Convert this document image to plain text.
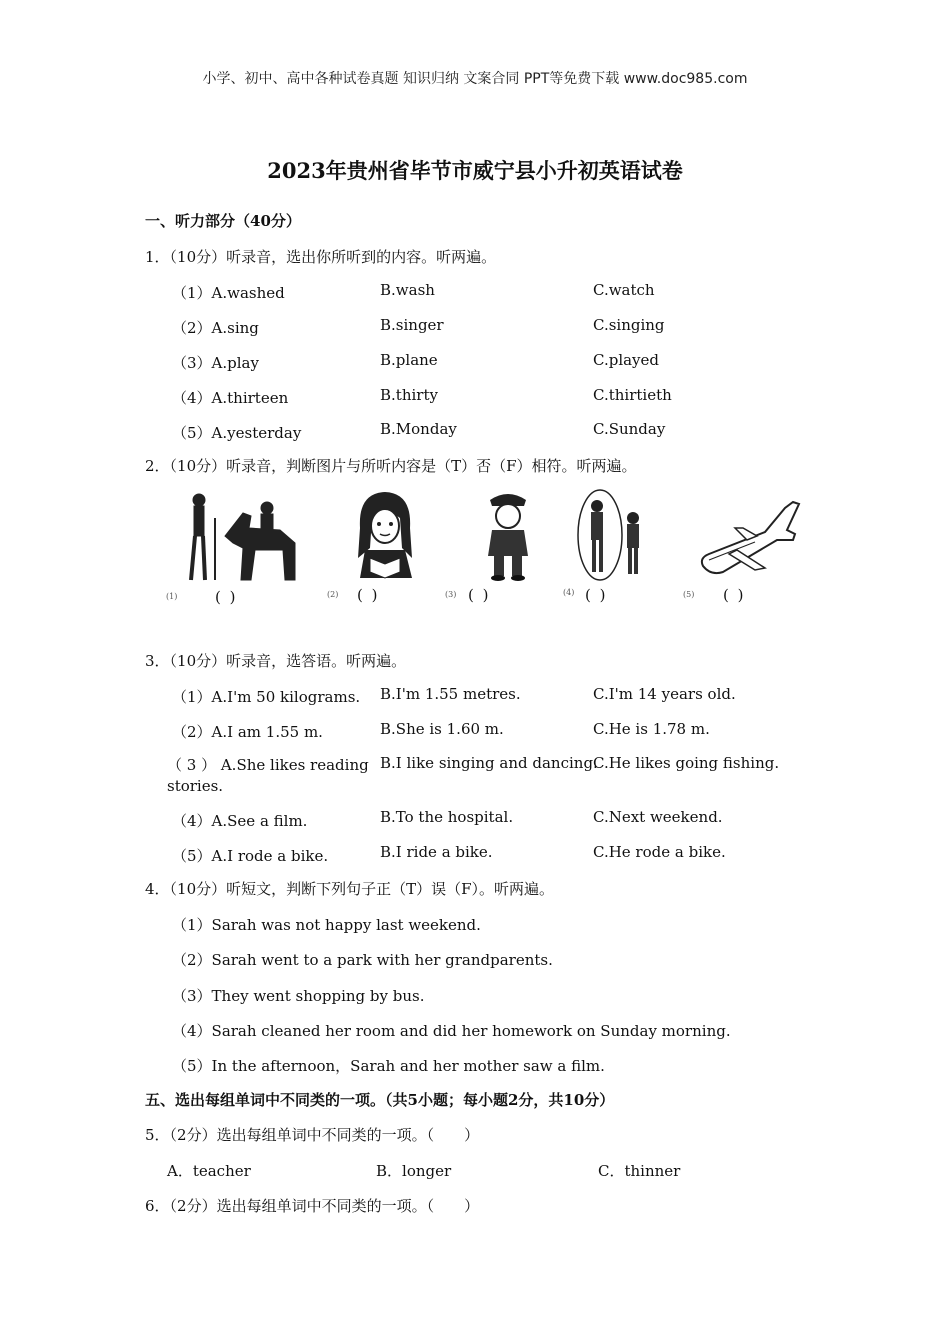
小学、初中、高中各种试卷真题 知识归纳 文案合同 PPT等免费下载 www.doc985.com
2023年贵州省毕节市威宁县小升初英语试卷
一、听力部分（40分）
1．（10分）听录音，选出你所听到的内容。听两遍。
（1）A.washed	B.wash	C.watch
（2）A.sing	B.singer	C.singing
（3）A.play	B.plane	C.played
（4）A.thirteen	B.thirty	C.thirtieth
（5）A.yesterday	B.Monday	C.Sunday
2．（10分）听录音，判断图片与所听内容是（T）否（F）相符。听两遍。
(1)	( )	(2) ( )	(3) ( )	(4) ( )	(5) ( )
3．（10分）听录音，选答语。听两遍。
（1）A.I'm 50 kilograms. B.I'm 1.55 metres.	C.I'm 14 years old.
（2）A.I am 1.55 m.	B.She is 1.60 m.	C.He is 1.78 m.
（ 3 ） A.She likes reading stories.
B.I like singing and dancing.
C.He likes going fishing.
（4）A.See a film.	B.To the hospital.	C.Next weekend.
（5）A.I rode a bike.	B.I ride a bike.	C.He rode a bike.
4．（10分）听短文，判断下列句子正（T）误（F）。听两遍。
（1）Sarah was not happy last weekend.
（2）Sarah went to a park with her grandparents.
（3）They went shopping by bus.
（4）Sarah cleaned her room and did her homework on Sunday morning.
（5）In the afternoon，Sarah and her mother saw a film.
五、选出每组单词中不同类的一项。（共5小题；每小题2分，共10分）
5．（2分）选出每组单词中不同类的一项。（　　）
A．teacher	B．longer	C．thinner
6．（2分）选出每组单词中不同类的一项。（　　）
